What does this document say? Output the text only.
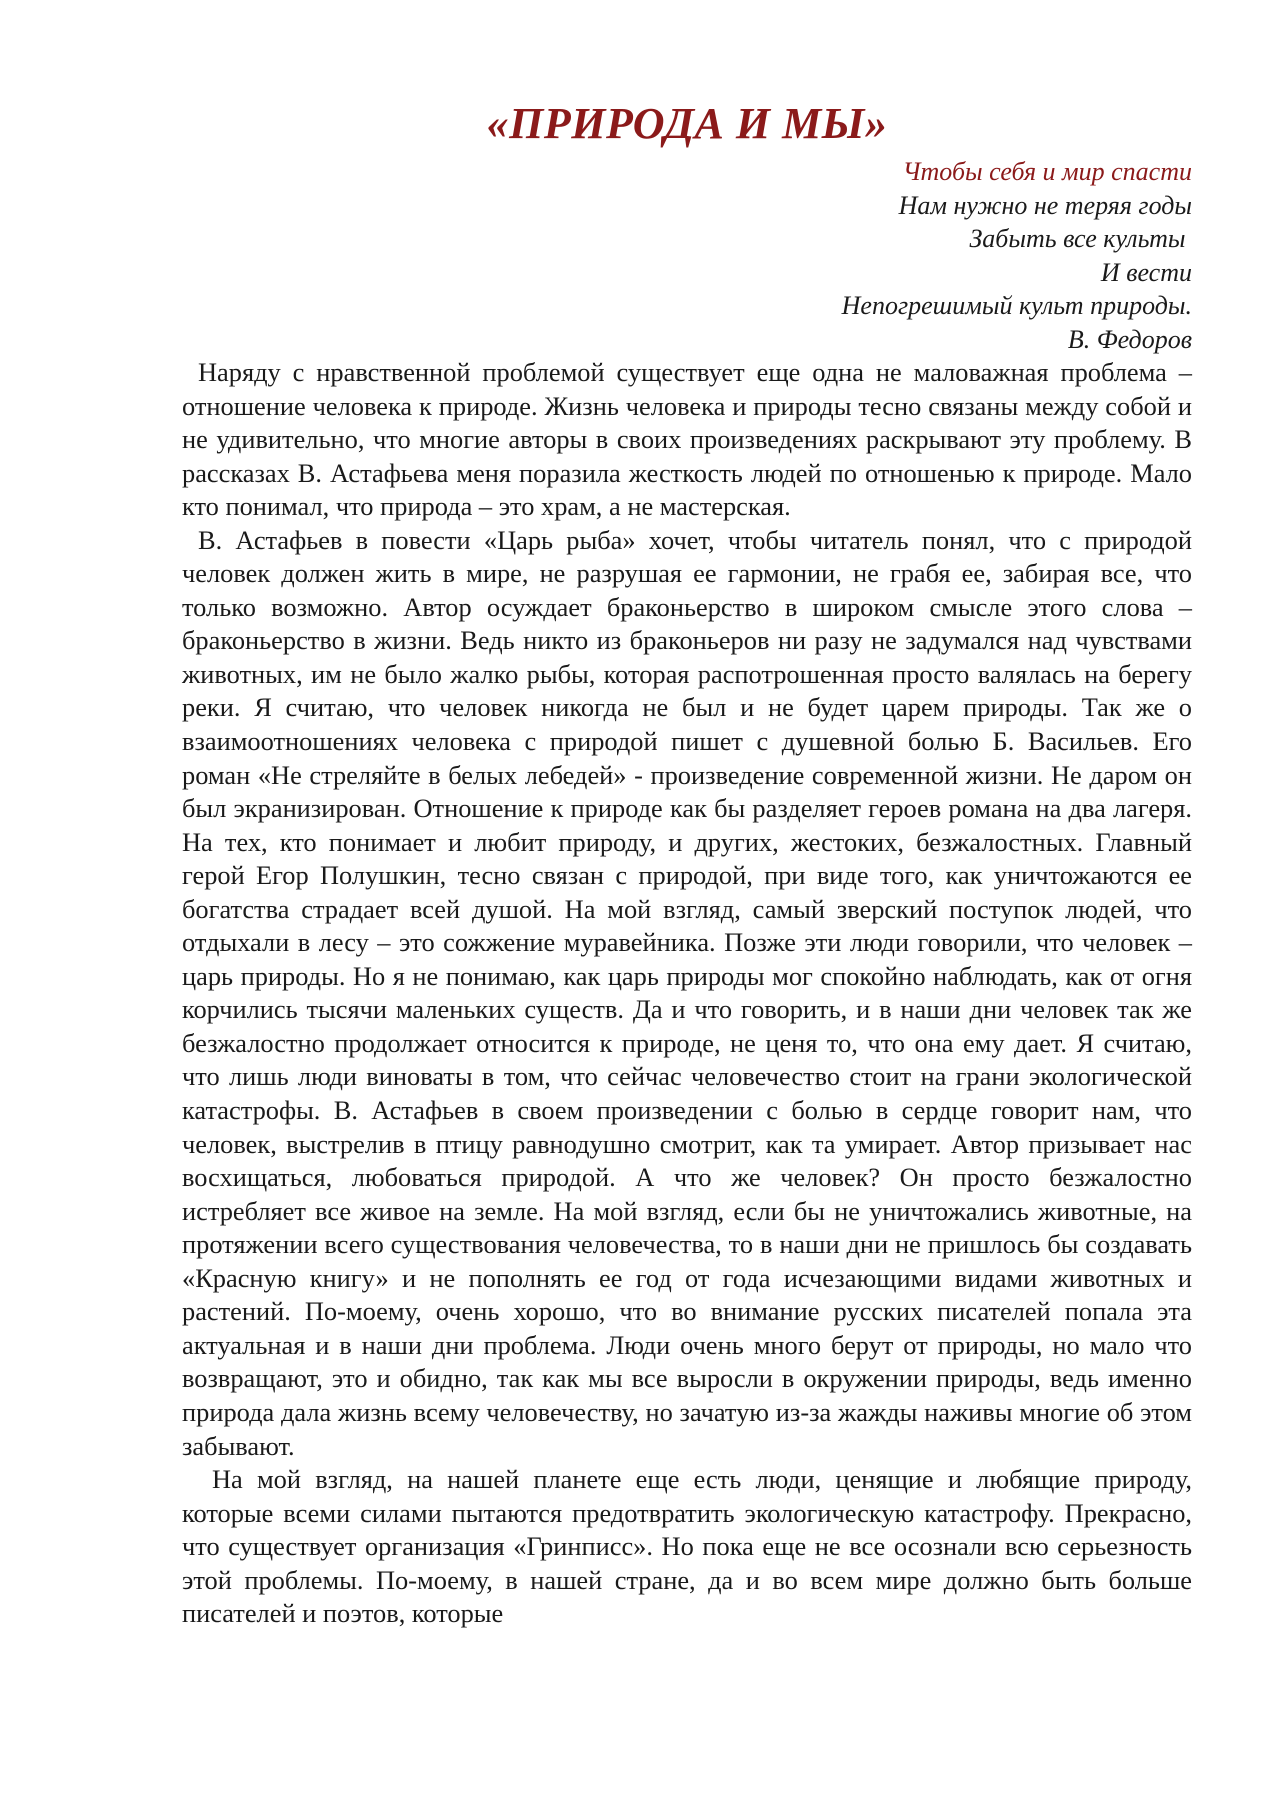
«ПРИРОДА И МЫ»
Чтобы себя и мир спасти
Нам нужно не теряя годы
Забыть все культы
И вести
Непогрешимый культ природы.
В. Федоров

Наряду с нравственной проблемой существует еще одна не маловажная проблема – отношение человека к природе. Жизнь человека и природы тесно связаны между собой и не удивительно, что многие авторы в своих произведениях раскрывают эту проблему. В рассказах В. Астафьева меня поразила жесткость людей по отношенью к природе. Мало кто понимал, что природа – это храм, а не мастерская.

В. Астафьев в повести «Царь рыба» хочет, чтобы читатель понял, что с природой человек должен жить в мире, не разрушая ее гармонии, не грабя ее, забирая все, что только возможно. Автор осуждает браконьерство в широком смысле этого слова – браконьерство в жизни. Ведь никто из браконьеров ни разу не задумался над чувствами животных, им не было жалко рыбы, которая распотрошенная просто валялась на берегу реки. Я считаю, что человек никогда не был и не будет царем природы. Так же о взаимоотношениях человека с природой пишет с душевной болью Б. Васильев. Его роман «Не стреляйте в белых лебедей» - произведение современной жизни. Не даром он был экранизирован. Отношение к природе как бы разделяет героев романа на два лагеря. На тех, кто понимает и любит природу, и других, жестоких, безжалостных. Главный герой Егор Полушкин, тесно связан с природой, при виде того, как уничтожаются ее богатства страдает всей душой. На мой взгляд, самый зверский поступок людей, что отдыхали в лесу – это сожжение муравейника. Позже эти люди говорили, что человек – царь природы. Но я не понимаю, как царь природы мог спокойно наблюдать, как от огня корчились тысячи маленьких существ. Да и что говорить, и в наши дни человек так же безжалостно продолжает относится к природе, не ценя то, что она ему дает. Я считаю, что лишь люди виноваты в том, что сейчас человечество стоит на грани экологической катастрофы. В. Астафьев в своем произведении с болью в сердце говорит нам, что человек, выстрелив в птицу равнодушно смотрит, как та умирает. Автор призывает нас восхищаться, любоваться природой. А что же человек? Он просто безжалостно истребляет все живое на земле. На мой взгляд, если бы не уничтожались животные, на протяжении всего существования человечества, то в наши дни не пришлось бы создавать «Красную книгу» и не пополнять ее год от года исчезающими видами животных и растений. По-моему, очень хорошо, что во внимание русских писателей попала эта актуальная и в наши дни проблема. Люди очень много берут от природы, но мало что возвращают, это и обидно, так как мы все выросли в окружении природы, ведь именно природа дала жизнь всему человечеству, но зачатую из-за жажды наживы многие об этом забывают.

На мой взгляд, на нашей планете еще есть люди, ценящие и любящие природу, которые всеми силами пытаются предотвратить экологическую катастрофу. Прекрасно, что существует организация «Гринписс». Но пока еще не все осознали всю серьезность этой проблемы. По-моему, в нашей стране, да и во всем мире должно быть больше писателей и поэтов, которые
